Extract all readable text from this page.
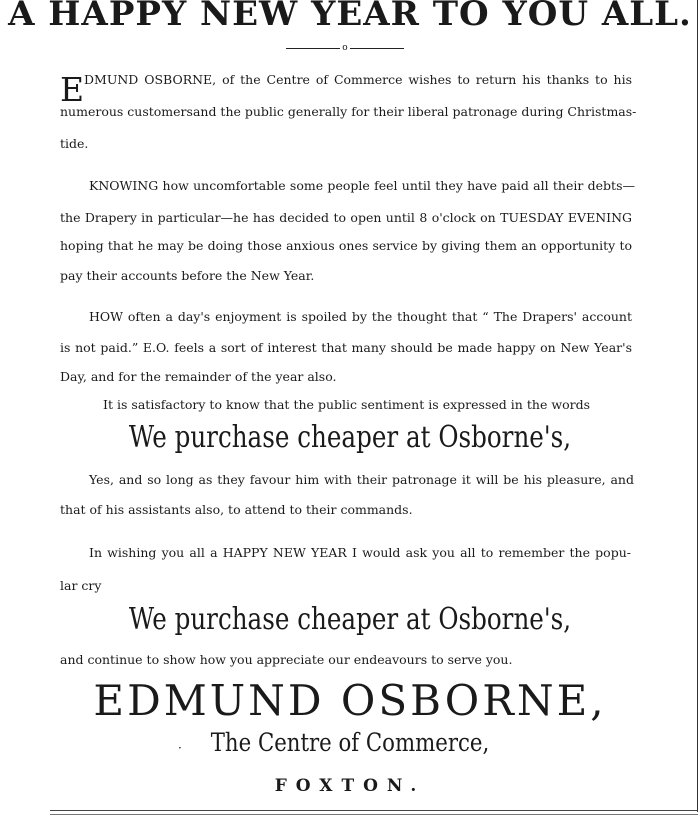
A HAPPY NEW YEAR TO YOU ALL.
o
E DMUND OSBORNE, of the Centre of Commerce wishes to return his thanks to his
numerous customersand the public generally for their liberal patronage during Christmas-
tide.
KNOWING how uncomfortable some people feel until they have paid all their debts—
the Drapery in particular—he has decided to open until 8 o'clock on TUESDAY EVENING
hoping that he may be doing those anxious ones service by giving them an opportunity to
pay their accounts before the New Year.
HOW often a day's enjoyment is spoiled by the thought that “ The Drapers' account
is not paid.” E.O. feels a sort of interest that many should be made happy on New Year's
Day, and for the remainder of the year also.
It is satisfactory to know that the public sentiment is expressed in the words
We purchase cheaper at Osborne's,
Yes, and so long as they favour him with their patronage it will be his pleasure, and
that of his assistants also, to attend to their commands.
In wishing you all a HAPPY NEW YEAR I would ask you all to remember the popu-
lar cry
We purchase cheaper at Osborne's,
and continue to show how you appreciate our endeavours to serve you.
EDMUND OSBORNE,
·	The Centre of Commerce,
FOXTON.
